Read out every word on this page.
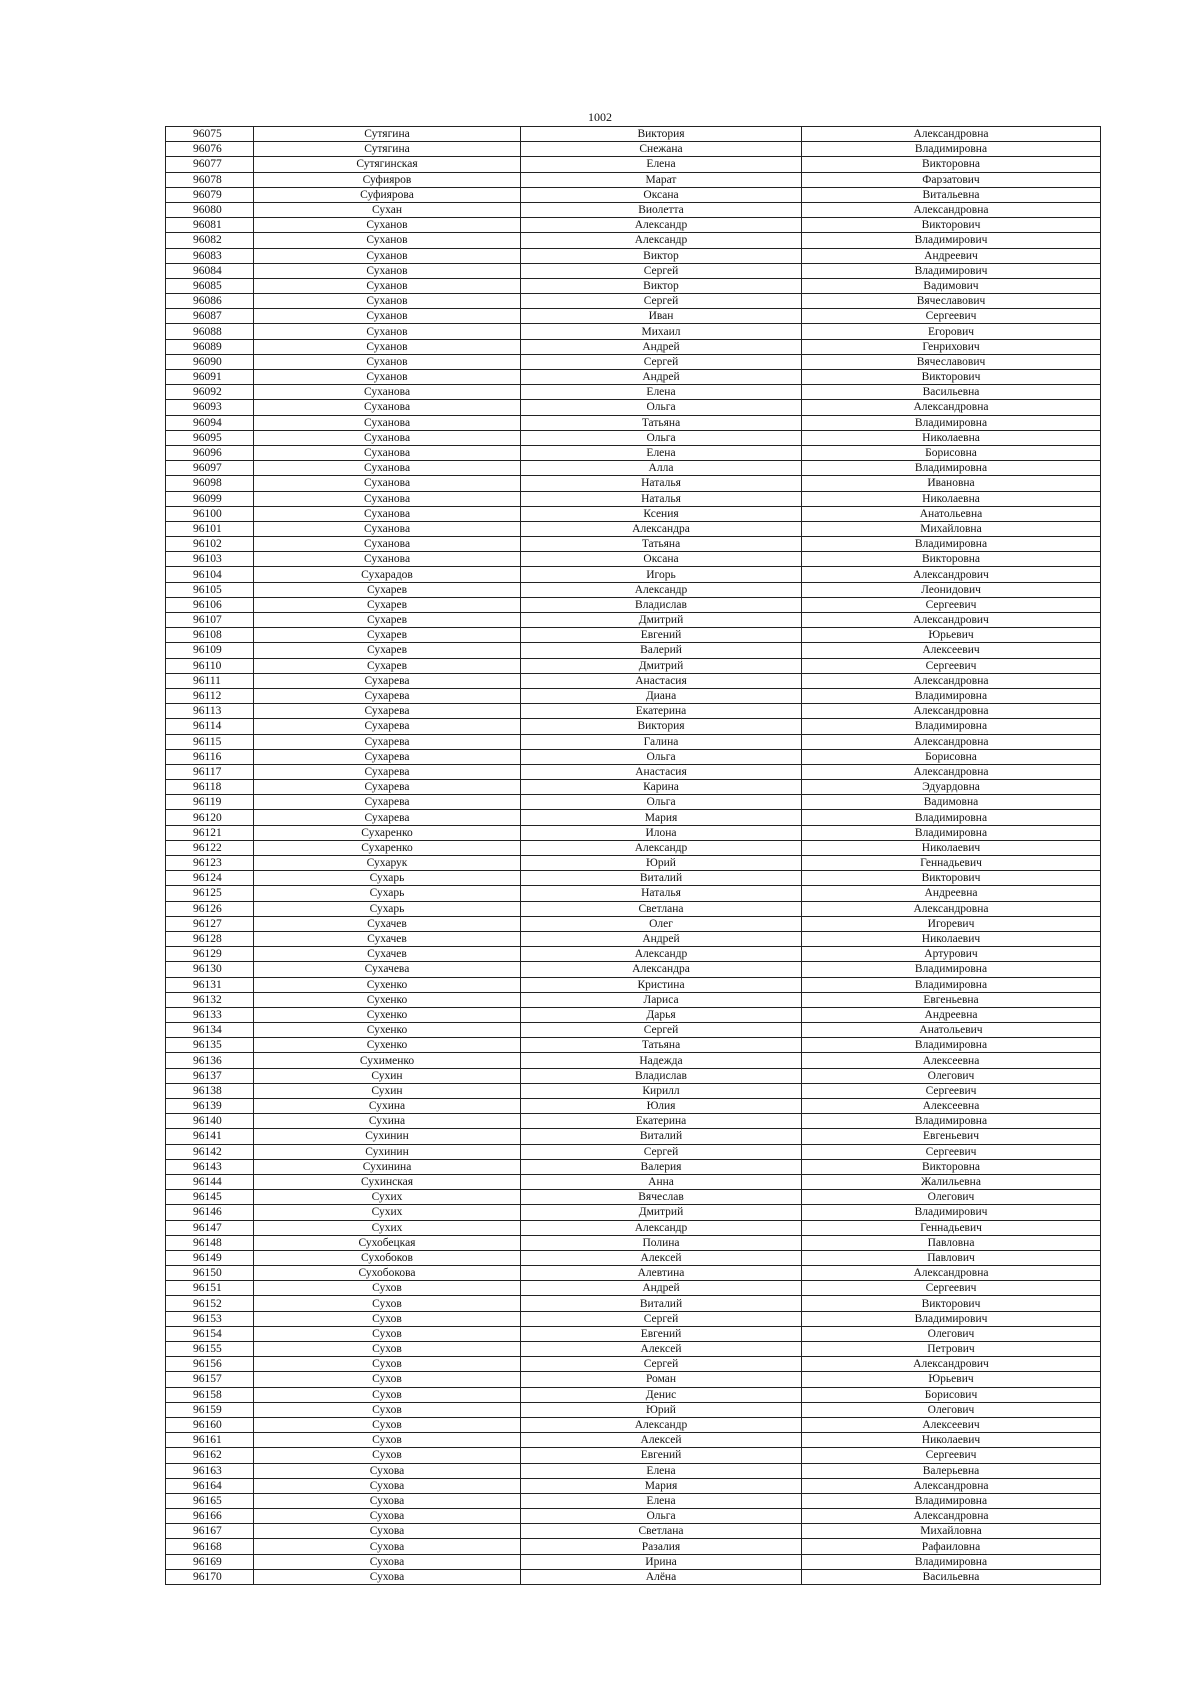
1002
96075	Сутягина	Виктория	Александровна
96076	Сутягина	Снежана	Владимировна
96077	Сутягинская	Елена	Викторовна
96078	Суфияров	Марат	Фарзатович
96079	Суфиярова	Оксана	Витальевна
96080	Сухан	Виолетта	Александровна
96081	Суханов	Александр	Викторович
96082	Суханов	Александр	Владимирович
96083	Суханов	Виктор	Андреевич
96084	Суханов	Сергей	Владимирович
96085	Суханов	Виктор	Вадимович
96086	Суханов	Сергей	Вячеславович
96087	Суханов	Иван	Сергеевич
96088	Суханов	Михаил	Егорович
96089	Суханов	Андрей	Генрихович
96090	Суханов	Сергей	Вячеславович
96091	Суханов	Андрей	Викторович
96092	Суханова	Елена	Васильевна
96093	Суханова	Ольга	Александровна
96094	Суханова	Татьяна	Владимировна
96095	Суханова	Ольга	Николаевна
96096	Суханова	Елена	Борисовна
96097	Суханова	Алла	Владимировна
96098	Суханова	Наталья	Ивановна
96099	Суханова	Наталья	Николаевна
96100	Суханова	Ксения	Анатольевна
96101	Суханова	Александра	Михайловна
96102	Суханова	Татьяна	Владимировна
96103	Суханова	Оксана	Викторовна
96104	Сухарадов	Игорь	Александрович
96105	Сухарев	Александр	Леонидович
96106	Сухарев	Владислав	Сергеевич
96107	Сухарев	Дмитрий	Александрович
96108	Сухарев	Евгений	Юрьевич
96109	Сухарев	Валерий	Алексеевич
96110	Сухарев	Дмитрий	Сергеевич
96111	Сухарева	Анастасия	Александровна
96112	Сухарева	Диана	Владимировна
96113	Сухарева	Екатерина	Александровна
96114	Сухарева	Виктория	Владимировна
96115	Сухарева	Галина	Александровна
96116	Сухарева	Ольга	Борисовна
96117	Сухарева	Анастасия	Александровна
96118	Сухарева	Карина	Эдуардовна
96119	Сухарева	Ольга	Вадимовна
96120	Сухарева	Мария	Владимировна
96121	Сухаренко	Илона	Владимировна
96122	Сухаренко	Александр	Николаевич
96123	Сухарук	Юрий	Геннадьевич
96124	Сухарь	Виталий	Викторович
96125	Сухарь	Наталья	Андреевна
96126	Сухарь	Светлана	Александровна
96127	Сухачев	Олег	Игоревич
96128	Сухачев	Андрей	Николаевич
96129	Сухачев	Александр	Артурович
96130	Сухачева	Александра	Владимировна
96131	Сухенко	Кристина	Владимировна
96132	Сухенко	Лариса	Евгеньевна
96133	Сухенко	Дарья	Андреевна
96134	Сухенко	Сергей	Анатольевич
96135	Сухенко	Татьяна	Владимировна
96136	Сухименко	Надежда	Алексеевна
96137	Сухин	Владислав	Олегович
96138	Сухин	Кирилл	Сергеевич
96139	Сухина	Юлия	Алексеевна
96140	Сухина	Екатерина	Владимировна
96141	Сухинин	Виталий	Евгеньевич
96142	Сухинин	Сергей	Сергеевич
96143	Сухинина	Валерия	Викторовна
96144	Сухинская	Анна	Жалильевна
96145	Сухих	Вячеслав	Олегович
96146	Сухих	Дмитрий	Владимирович
96147	Сухих	Александр	Геннадьевич
96148	Сухобецкая	Полина	Павловна
96149	Сухобоков	Алексей	Павлович
96150	Сухобокова	Алевтина	Александровна
96151	Сухов	Андрей	Сергеевич
96152	Сухов	Виталий	Викторович
96153	Сухов	Сергей	Владимирович
96154	Сухов	Евгений	Олегович
96155	Сухов	Алексей	Петрович
96156	Сухов	Сергей	Александрович
96157	Сухов	Роман	Юрьевич
96158	Сухов	Денис	Борисович
96159	Сухов	Юрий	Олегович
96160	Сухов	Александр	Алексеевич
96161	Сухов	Алексей	Николаевич
96162	Сухов	Евгений	Сергеевич
96163	Сухова	Елена	Валерьевна
96164	Сухова	Мария	Александровна
96165	Сухова	Елена	Владимировна
96166	Сухова	Ольга	Александровна
96167	Сухова	Светлана	Михайловна
96168	Сухова	Разалия	Рафаиловна
96169	Сухова	Ирина	Владимировна
96170	Сухова	Алёна	Васильевна
